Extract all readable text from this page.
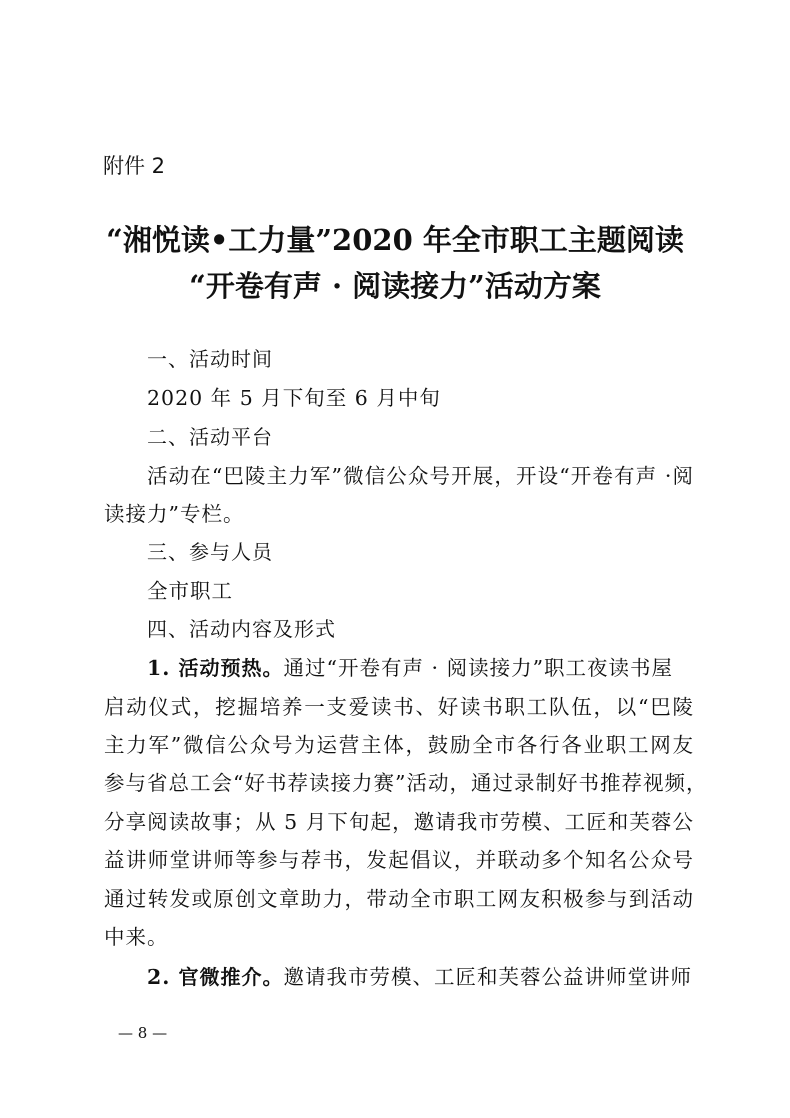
附件 2
“湘悦读•工力量”2020 年全市职工主题阅读
“开卷有声 · 阅读接力”活动方案
一、活动时间
2020 年 5 月下旬至 6 月中旬
二、活动平台
活动在“巴陵主力军”微信公众号开展，开设“开卷有声 ·阅
读接力”专栏。
三、参与人员
全市职工
四、活动内容及形式
1. 活动预热。通过“开卷有声 · 阅读接力”职工夜读书屋
启动仪式，挖掘培养一支爱读书、好读书职工队伍，以“巴陵
主力军”微信公众号为运营主体，鼓励全市各行各业职工网友
参与省总工会“好书荐读接力赛”活动，通过录制好书推荐视频，
分享阅读故事；从 5 月下旬起，邀请我市劳模、工匠和芙蓉公
益讲师堂讲师等参与荐书，发起倡议，并联动多个知名公众号
通过转发或原创文章助力，带动全市职工网友积极参与到活动
中来。
2. 官微推介。邀请我市劳模、工匠和芙蓉公益讲师堂讲师
— 8 —
